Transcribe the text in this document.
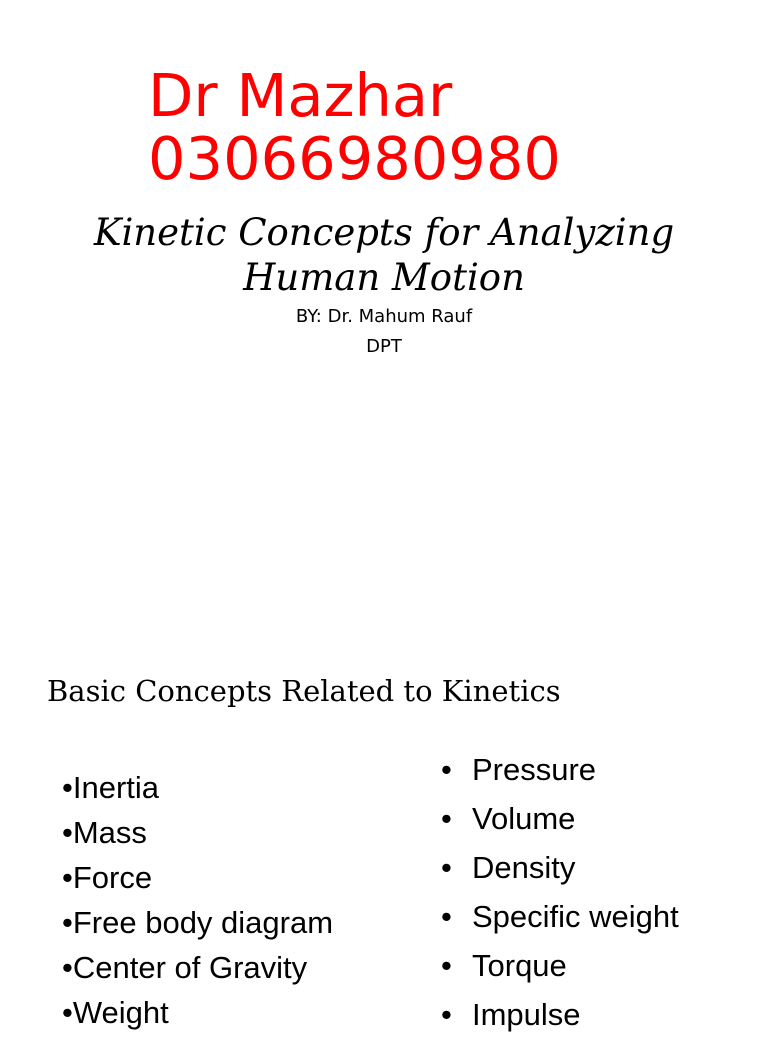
Dr Mazhar
03066980980
Kinetic Concepts for Analyzing
Human Motion
BY: Dr. Mahum Rauf
DPT
Basic Concepts Related to Kinetics
•Inertia
•Mass
•Force
•Free body diagram
•Center of Gravity
•Weight
• Pressure
• Volume
• Density
• Specific weight
• Torque
• Impulse
